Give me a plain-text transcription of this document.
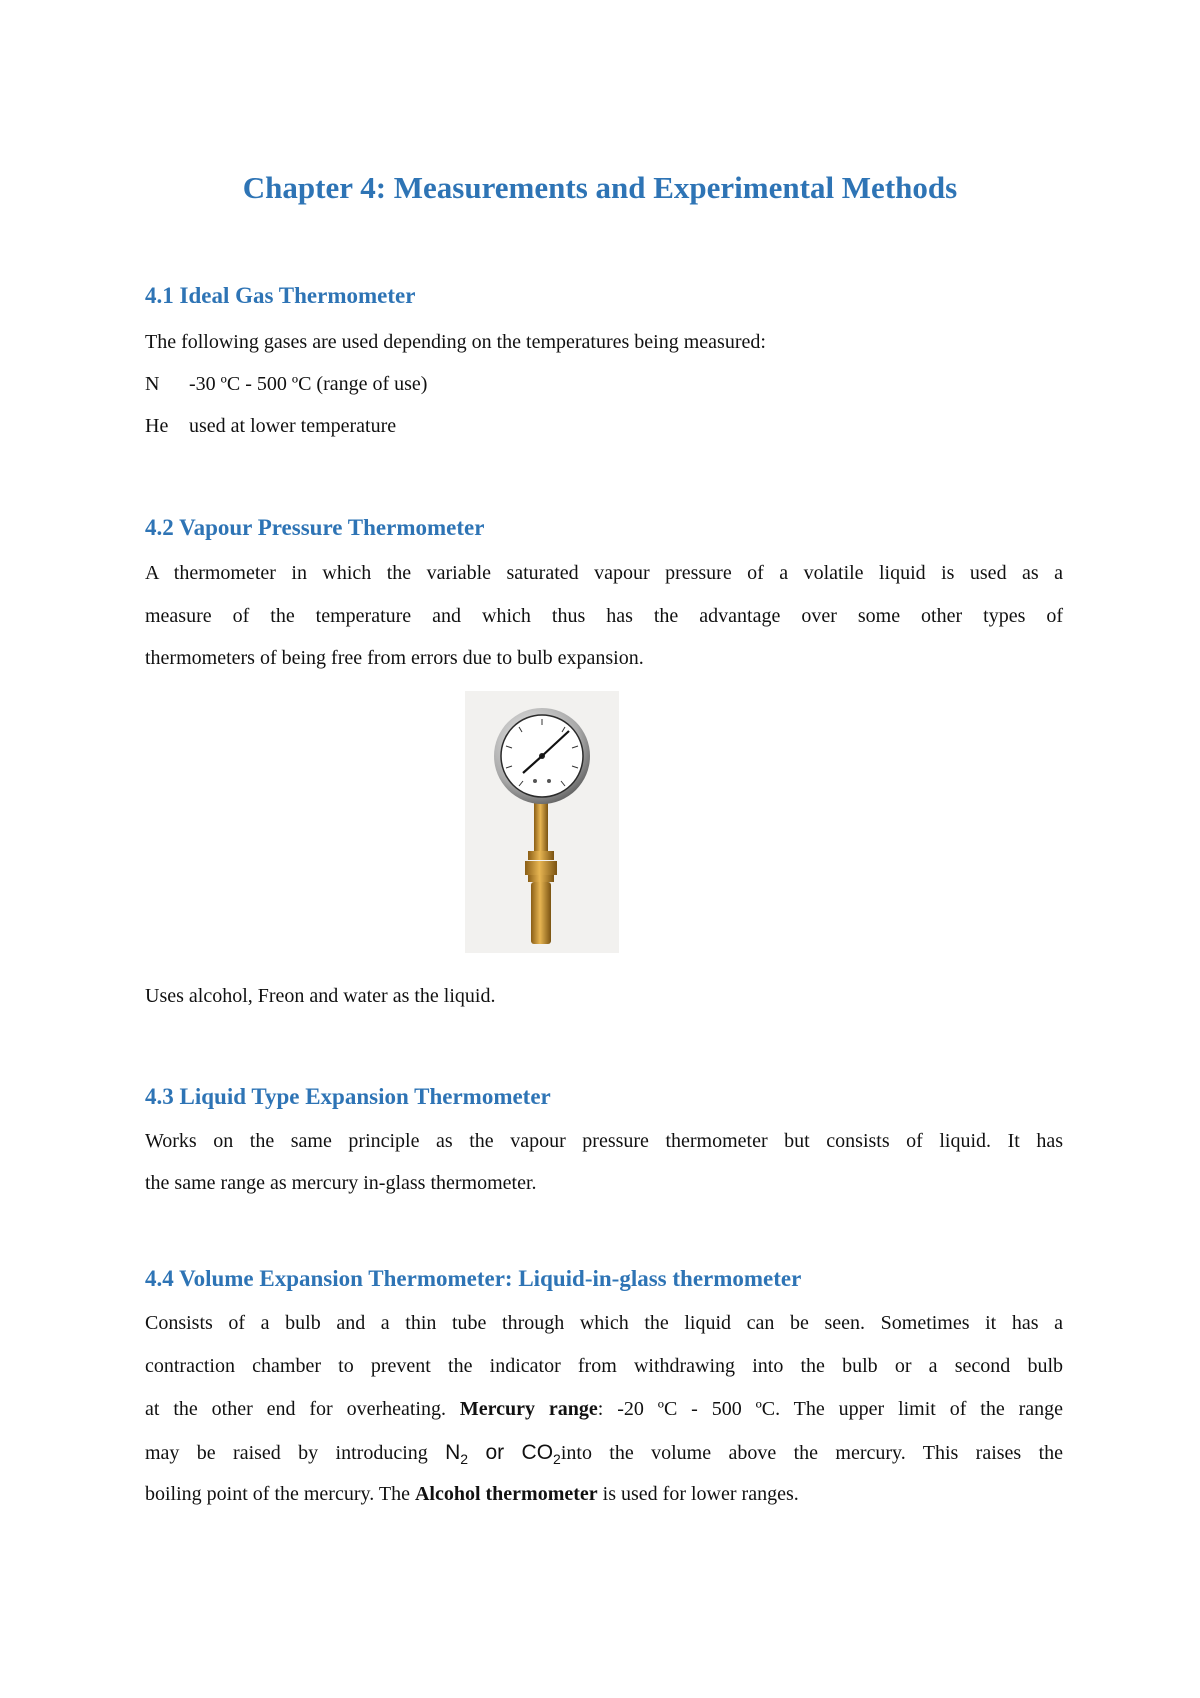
Chapter 4: Measurements and Experimental Methods
4.1 Ideal Gas Thermometer

The following gases are used depending on the temperatures being measured:

N -30 ºC - 500 ºC (range of use)

He used at lower temperature

4.2 Vapour Pressure Thermometer
A thermometer in which the variable saturated vapour pressure of a volatile liquid is used as a
measure of the temperature and which thus has the advantage over some other types of

thermometers of being free from errors due to bulb expansion.

Uses alcohol, Freon and water as the liquid.

4.3 Liquid Type Expansion Thermometer
Works on the same principle as the vapour pressure thermometer but consists of liquid. It has

the same range as mercury in-glass thermometer.

4.4 Volume Expansion Thermometer: Liquid-in-glass thermometer
Consists of a bulb and a thin tube through which the liquid can be seen. Sometimes it has a
contraction chamber to prevent the indicator from withdrawing into the bulb or a second bulb
at the other end for overheating. Mercury range: -20 ºC - 500 ºC. The upper limit of the range
may be raised by introducing $N_2$ or $CO_2into$ the volume above the mercury. This raises the

boiling point of the mercury. The Alcohol thermometer is used for lower ranges.
